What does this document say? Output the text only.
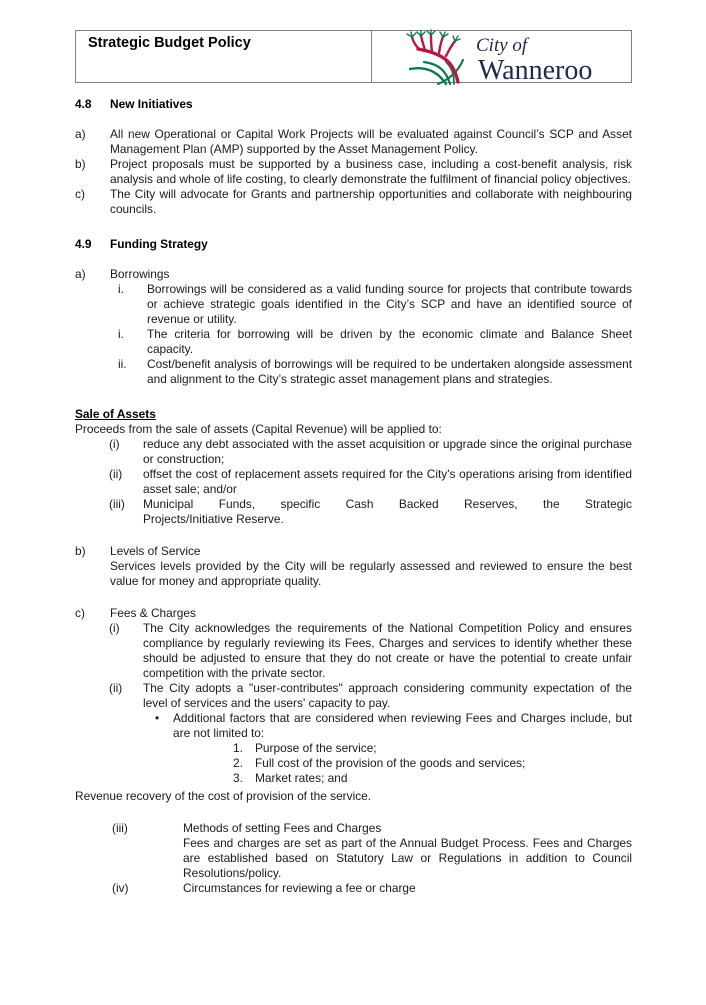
Strategic Budget Policy	City of
Wanneroo
4.8	New Initiatives
a)	All new Operational or Capital Work Projects will be evaluated against Council’s SCP and Asset Management Plan (AMP) supported by the Asset Management Policy.
b)	Project proposals must be supported by a business case, including a cost-benefit analysis, risk analysis and whole of life costing, to clearly demonstrate the fulfilment of financial policy objectives.
c)	The City will advocate for Grants and partnership opportunities and collaborate with neighbouring councils.
4.9	Funding Strategy
a)	Borrowings
i.	Borrowings will be considered as a valid funding source for projects that contribute towards or achieve strategic goals identified in the City’s SCP and have an identified source of revenue or utility.
i.	The criteria for borrowing will be driven by the economic climate and Balance Sheet capacity.
ii.	Cost/benefit analysis of borrowings will be required to be undertaken alongside assessment and alignment to the City’s strategic asset management plans and strategies.
Sale of Assets
Proceeds from the sale of assets (Capital Revenue) will be applied to:
(i)	reduce any debt associated with the asset acquisition or upgrade since the original purchase or construction;
(ii)	offset the cost of replacement assets required for the City's operations arising from identified asset sale; and/or
(iii)	Municipal Funds, specific Cash Backed Reserves, the Strategic
Projects/Initiative Reserve.
b)	Levels of Service
Services levels provided by the City will be regularly assessed and reviewed to ensure the best value for money and appropriate quality.
c)	Fees & Charges
(i)	The City acknowledges the requirements of the National Competition Policy and ensures compliance by regularly reviewing its Fees, Charges and services to identify whether these should be adjusted to ensure that they do not create or have the potential to create unfair competition with the private sector.
(ii)	The City adopts a "user-contributes" approach considering community expectation of the level of services and the users' capacity to pay.
•	Additional factors that are considered when reviewing Fees and Charges include, but are not limited to:
1.	Purpose of the service;
2.	Full cost of the provision of the goods and services;
3.	Market rates; and
Revenue recovery of the cost of provision of the service.
(iii)	Methods of setting Fees and Charges
Fees and charges are set as part of the Annual Budget Process. Fees and Charges are established based on Statutory Law or Regulations in addition to Council Resolutions/policy.
(iv)	Circumstances for reviewing a fee or charge
